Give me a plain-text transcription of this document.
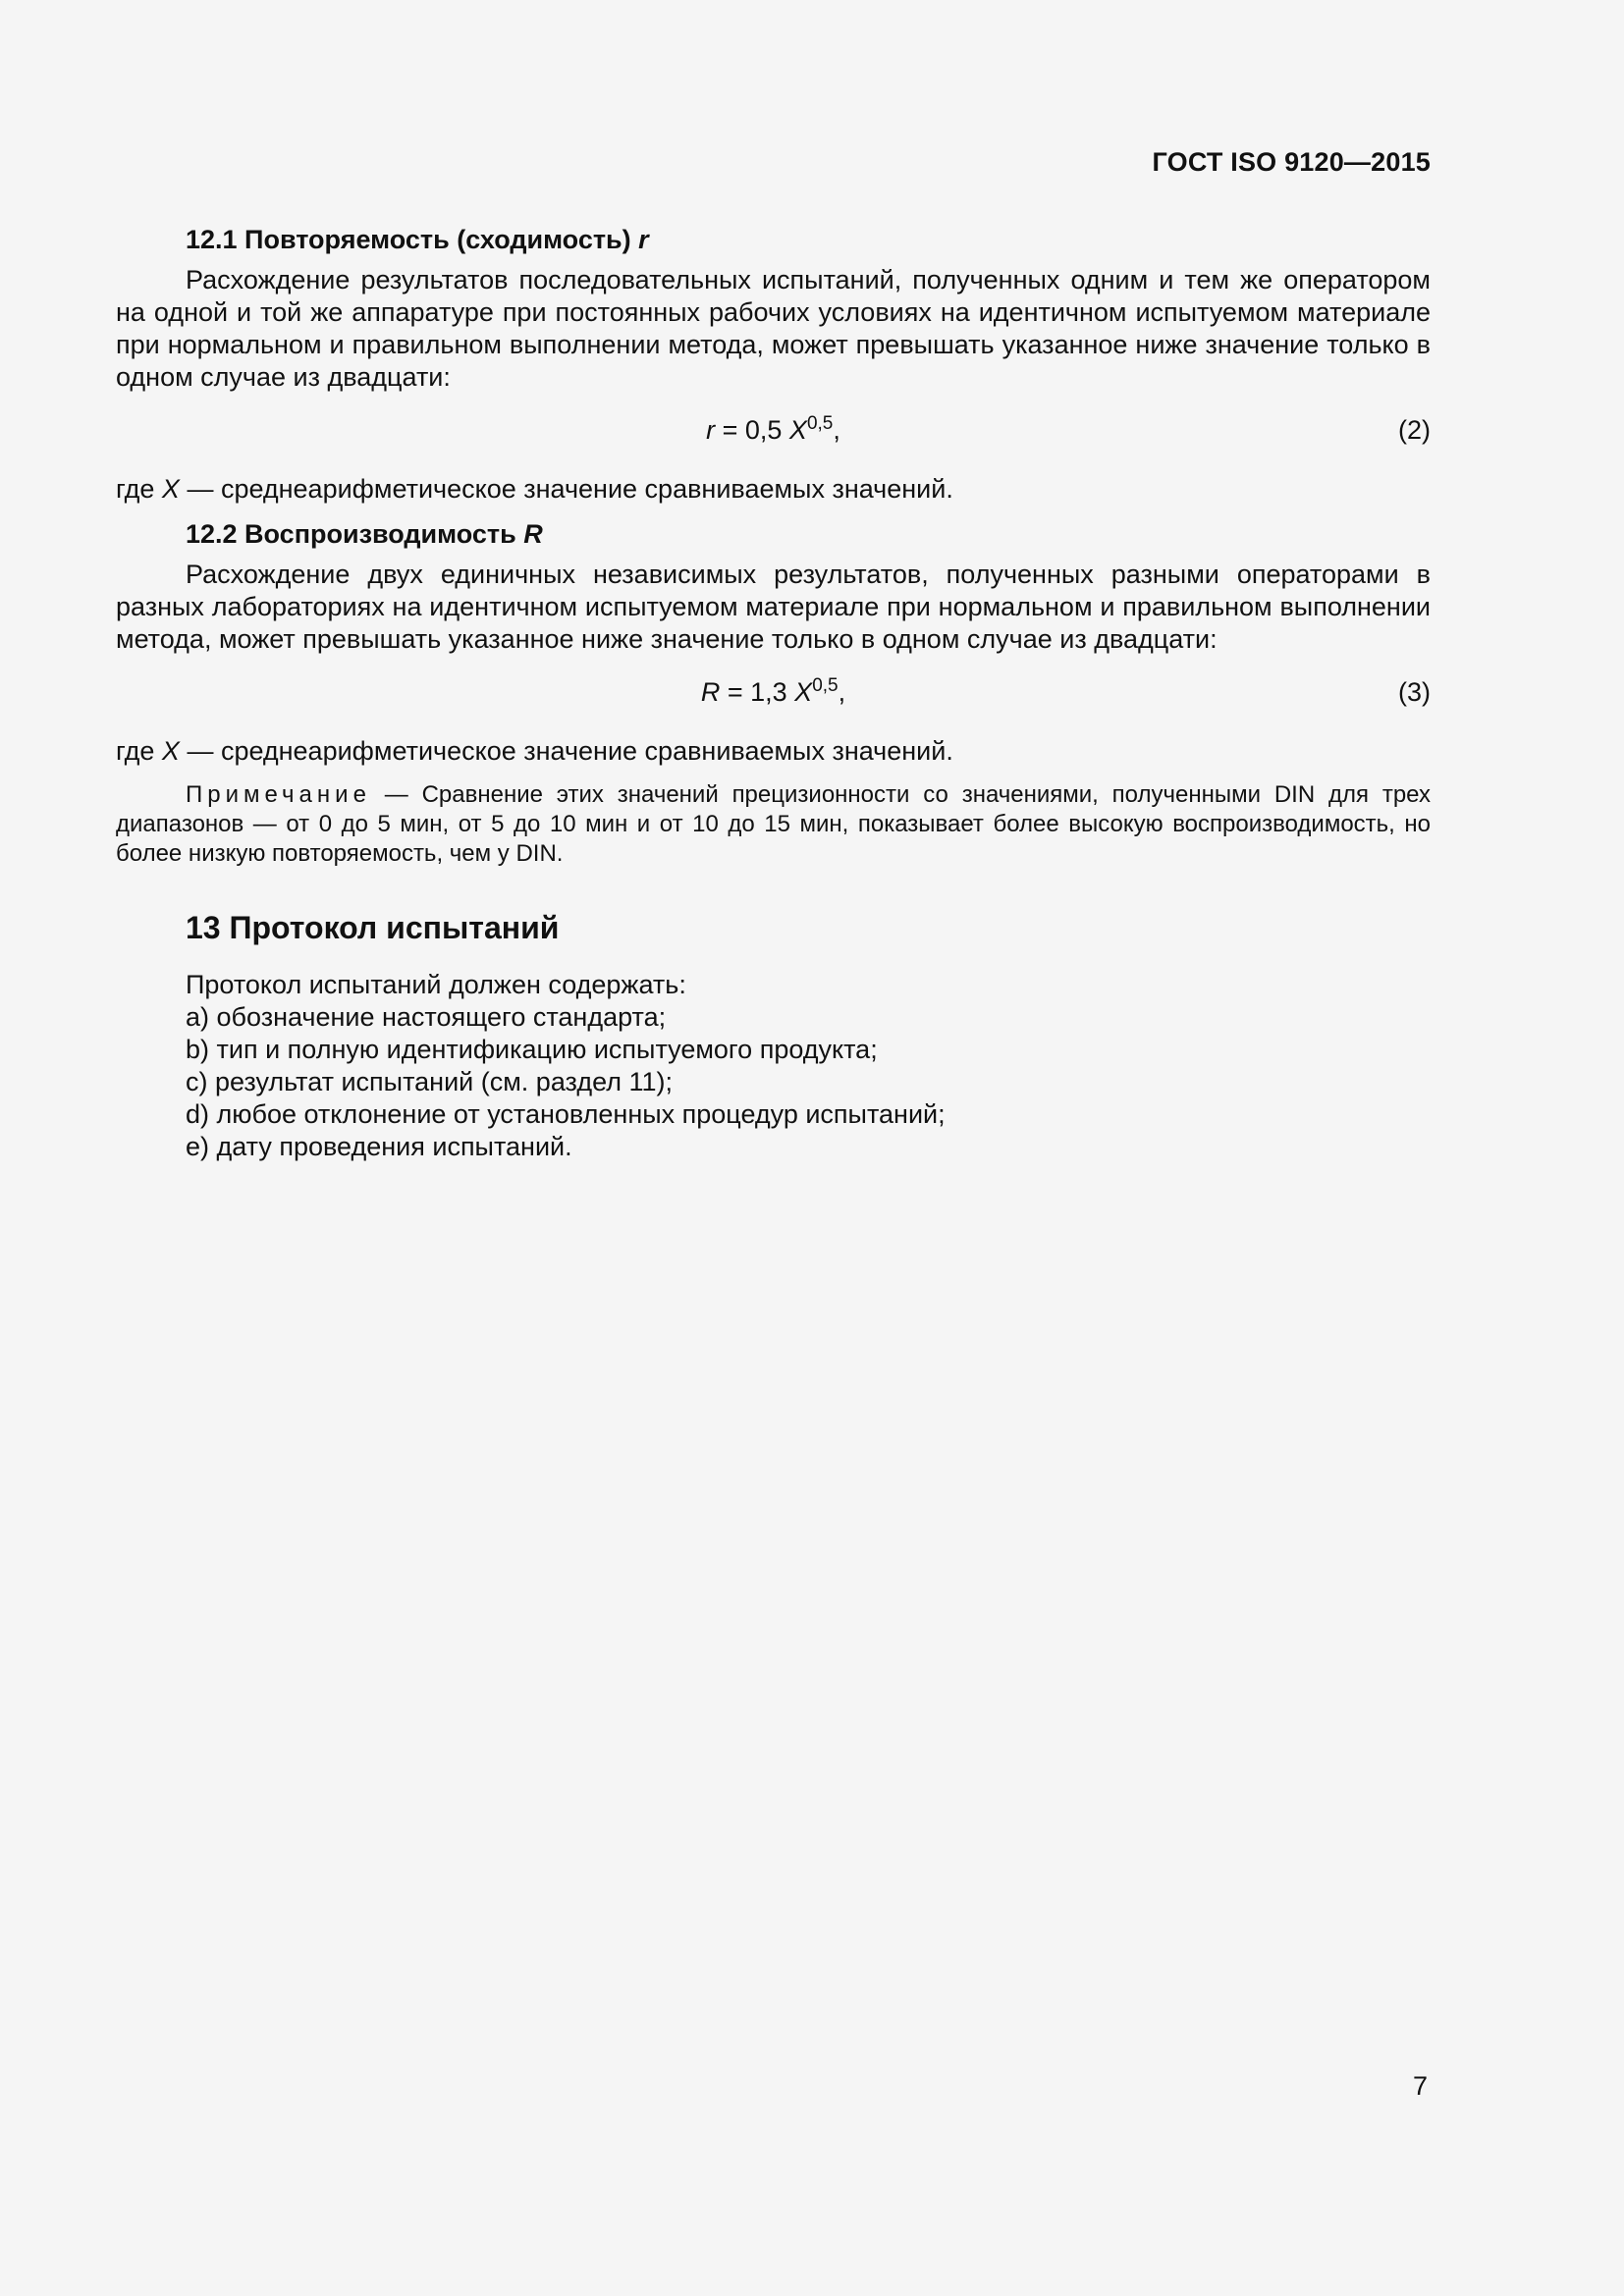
ГОСТ ISO 9120—2015
12.1 Повторяемость (сходимость) r

Расхождение результатов последовательных испытаний, полученных одним и тем же оператором на одной и той же аппаратуре при постоянных рабочих условиях на идентичном испытуемом материале при нормальном и правильном выполнении метода, может превышать указанное ниже значение только в одном случае из двадцати:

r = 0,5 X$^{0,5}$,	(2)

где X — среднеарифметическое значение сравниваемых значений.

12.2 Воспроизводимость R

Расхождение двух единичных независимых результатов, полученных разными операторами в разных лабораториях на идентичном испытуемом материале при нормальном и правильном выполнении метода, может превышать указанное ниже значение только в одном случае из двадцати:

R = 1,3 X$^{0,5}$,	(3)

где X — среднеарифметическое значение сравниваемых значений.

Примечание — Сравнение этих значений прецизионности со значениями, полученными DIN для трех диапазонов — от 0 до 5 мин, от 5 до 10 мин и от 10 до 15 мин, показывает более высокую воспроизводимость, но более низкую повторяемость, чем у DIN.

13 Протокол испытаний
Протокол испытаний должен содержать:
a) обозначение настоящего стандарта;
b) тип и полную идентификацию испытуемого продукта;
c) результат испытаний (см. раздел 11);
d) любое отклонение от установленных процедур испытаний;
e) дату проведения испытаний.
7
